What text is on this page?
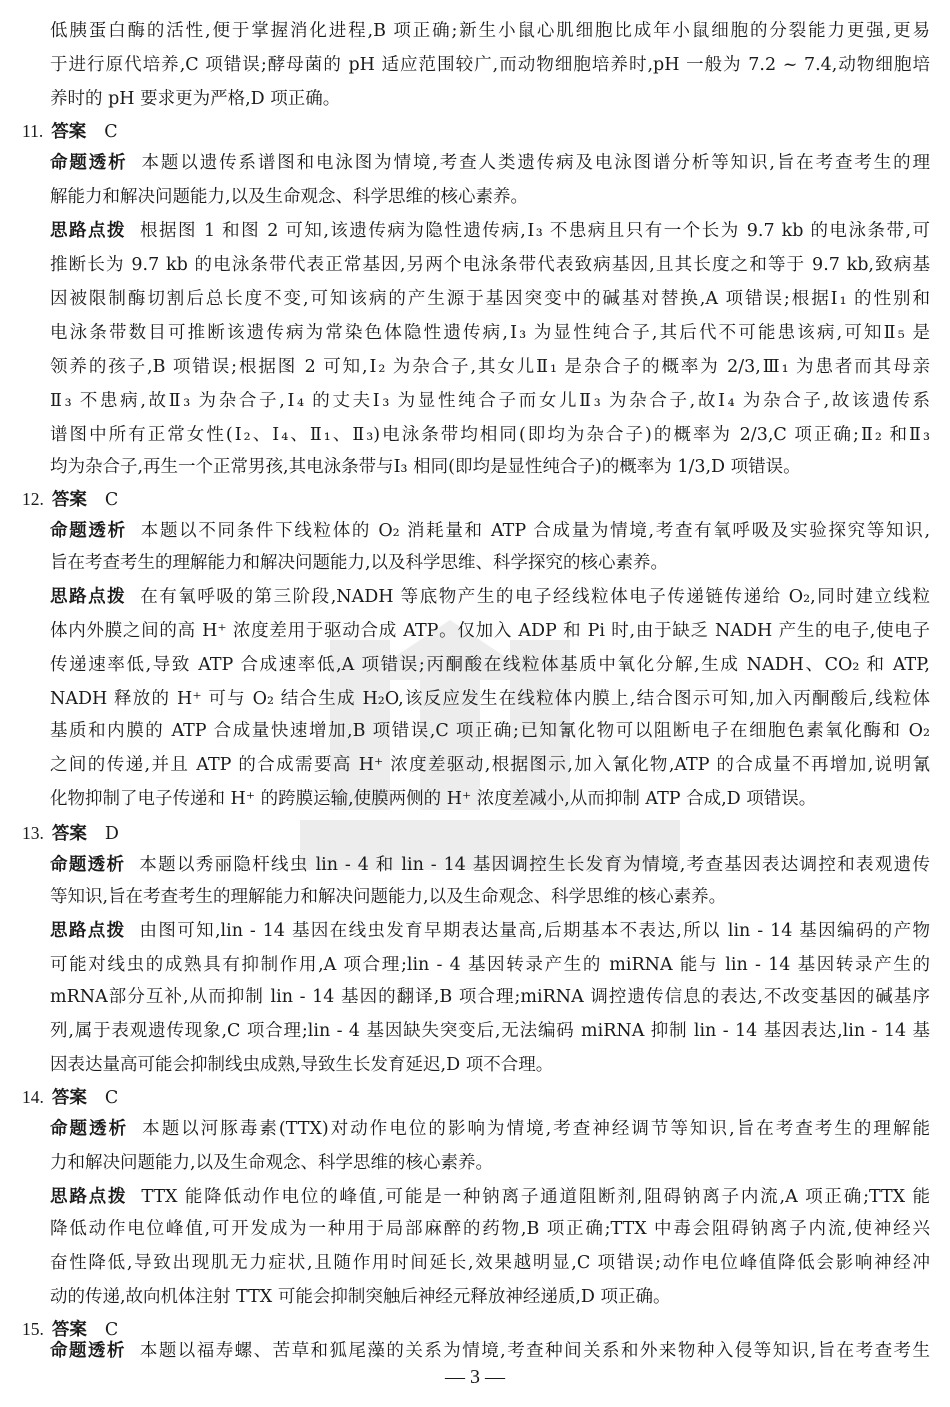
低胰蛋白酶的活性,便于掌握消化进程,B 项正确;新生小鼠心肌细胞比成年小鼠细胞的分裂能力更强,更易
于进行原代培养,C 项错误;酵母菌的 pH 适应范围较广,而动物细胞培养时,pH 一般为 7.2 ~ 7.4,动物细胞培
养时的 pH 要求更为严格,D 项正确。
11. 答案 C
命题透析 本题以遗传系谱图和电泳图为情境,考查人类遗传病及电泳图谱分析等知识,旨在考查考生的理
解能力和解决问题能力,以及生命观念、科学思维的核心素养。
思路点拨 根据图 1 和图 2 可知,该遗传病为隐性遗传病,Ⅰ₃ 不患病且只有一个长为 9.7 kb 的电泳条带,可
推断长为 9.7 kb 的电泳条带代表正常基因,另两个电泳条带代表致病基因,且其长度之和等于 9.7 kb,致病基
因被限制酶切割后总长度不变,可知该病的产生源于基因突变中的碱基对替换,A 项错误;根据Ⅰ₁ 的性别和
电泳条带数目可推断该遗传病为常染色体隐性遗传病,Ⅰ₃ 为显性纯合子,其后代不可能患该病,可知Ⅱ₅ 是
领养的孩子,B 项错误;根据图 2 可知,Ⅰ₂ 为杂合子,其女儿Ⅱ₁ 是杂合子的概率为 2/3,Ⅲ₁ 为患者而其母亲
Ⅱ₃ 不患病,故Ⅱ₃ 为杂合子,Ⅰ₄ 的丈夫Ⅰ₃ 为显性纯合子而女儿Ⅱ₃ 为杂合子,故Ⅰ₄ 为杂合子,故该遗传系
谱图中所有正常女性(Ⅰ₂、Ⅰ₄、Ⅱ₁、Ⅱ₃)电泳条带均相同(即均为杂合子)的概率为 2/3,C 项正确;Ⅱ₂ 和Ⅱ₃
均为杂合子,再生一个正常男孩,其电泳条带与Ⅰ₃ 相同(即均是显性纯合子)的概率为 1/3,D 项错误。
12. 答案 C
命题透析 本题以不同条件下线粒体的 O₂ 消耗量和 ATP 合成量为情境,考查有氧呼吸及实验探究等知识,
旨在考查考生的理解能力和解决问题能力,以及科学思维、科学探究的核心素养。
思路点拨 在有氧呼吸的第三阶段,NADH 等底物产生的电子经线粒体电子传递链传递给 O₂,同时建立线粒
体内外膜之间的高 H⁺ 浓度差用于驱动合成 ATP。仅加入 ADP 和 Pi 时,由于缺乏 NADH 产生的电子,使电子
传递速率低,导致 ATP 合成速率低,A 项错误;丙酮酸在线粒体基质中氧化分解,生成 NADH、CO₂ 和 ATP,
NADH 释放的 H⁺ 可与 O₂ 结合生成 H₂O,该反应发生在线粒体内膜上,结合图示可知,加入丙酮酸后,线粒体
基质和内膜的 ATP 合成量快速增加,B 项错误,C 项正确;已知氰化物可以阻断电子在细胞色素氧化酶和 O₂
之间的传递,并且 ATP 的合成需要高 H⁺ 浓度差驱动,根据图示,加入氰化物,ATP 的合成量不再增加,说明氰
化物抑制了电子传递和 H⁺ 的跨膜运输,使膜两侧的 H⁺ 浓度差减小,从而抑制 ATP 合成,D 项错误。
13. 答案 D
命题透析 本题以秀丽隐杆线虫 lin - 4 和 lin - 14 基因调控生长发育为情境,考查基因表达调控和表观遗传
等知识,旨在考查考生的理解能力和解决问题能力,以及生命观念、科学思维的核心素养。
思路点拨 由图可知,lin - 14 基因在线虫发育早期表达量高,后期基本不表达,所以 lin - 14 基因编码的产物
可能对线虫的成熟具有抑制作用,A 项合理;lin - 4 基因转录产生的 miRNA 能与 lin - 14 基因转录产生的
mRNA部分互补,从而抑制 lin - 14 基因的翻译,B 项合理;miRNA 调控遗传信息的表达,不改变基因的碱基序
列,属于表观遗传现象,C 项合理;lin - 4 基因缺失突变后,无法编码 miRNA 抑制 lin - 14 基因表达,lin - 14 基
因表达量高可能会抑制线虫成熟,导致生长发育延迟,D 项不合理。
14. 答案 C
命题透析 本题以河豚毒素(TTX)对动作电位的影响为情境,考查神经调节等知识,旨在考查考生的理解能
力和解决问题能力,以及生命观念、科学思维的核心素养。
思路点拨 TTX 能降低动作电位的峰值,可能是一种钠离子通道阻断剂,阻碍钠离子内流,A 项正确;TTX 能
降低动作电位峰值,可开发成为一种用于局部麻醉的药物,B 项正确;TTX 中毒会阻碍钠离子内流,使神经兴
奋性降低,导致出现肌无力症状,且随作用时间延长,效果越明显,C 项错误;动作电位峰值降低会影响神经冲
动的传递,故向机体注射 TTX 可能会抑制突触后神经元释放神经递质,D 项正确。
15. 答案 C
命题透析 本题以福寿螺、苦草和狐尾藻的关系为情境,考查种间关系和外来物种入侵等知识,旨在考查考生
— 3 —
